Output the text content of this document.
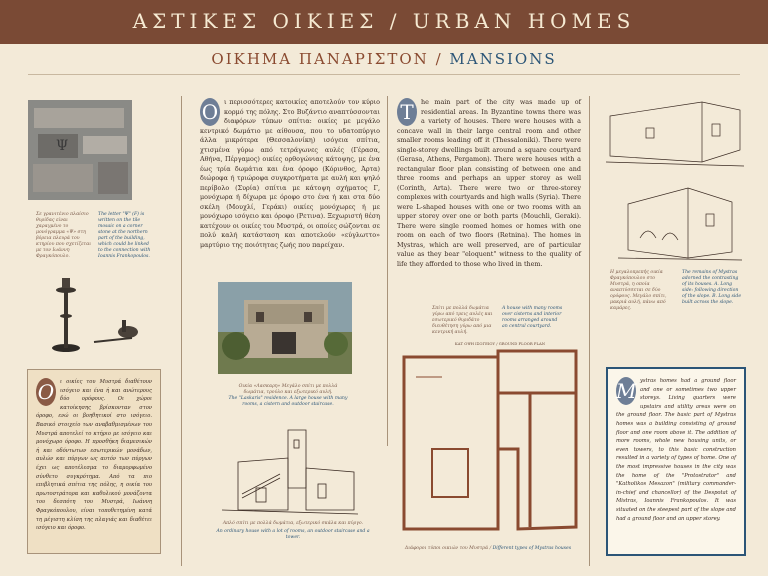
ΑΣΤΙΚΕΣ ΟΙΚΙΕΣ / URBAN HOMES
ΟΙΚΗΜΑ ΠΑΝΑΡΙΣΤΟΝ / MANSIONS
Ψ
Σε γρανιτένιο πλαίσιο θυρίδας είναι χαραγμένο το μονόγραμμα «Ψ» στη βόρεια πλευρά του κτηρίου που σχετίζεται με τον Ιωάννη Φραγκόπουλο.
The letter "Ψ" (F) is written on the tile mosaic on a corner stone at the northern part of the building, which could be linked to the connection with Ioannis Frankopoulos.
Ο	ι οικίες του Μυστρά διαθέτουν ισόγειο και ένα ή και ανώτερους δύο ορόφους. Οι χώροι κατοίκησης βρίσκονταν στον όροφο, ενώ οι βοηθητικοί στο ισόγειο. Βασικό στοιχείο των αναβαθμισμένων του Μυστρά αποτελεί το κτήριο με ισόγειο και μονόχωρο όροφο. Η προσθήκη διαμεσικών ή και οδόντωτων εσωτερικών μονάδων, αυλών και πύργων ως αυτόν των πύργων έχει ως αποτέλεσμα το διαμορφωμένο σύνθετο συγκρότημα. Από τα πιο επιβλητικά σπίτια της πόλης, η οικία του πρωτοστράτορα και καθολικού μονάζοντα του δεσπότη του Μυστρά, Ιωάννη Φραγκόπουλου, είναι τοποθετημένη κατά τη μέγιστη κλίση της πλαγιάς και διαθέτει ισόγειο και όροφο.
Ο ι περισσότερες κατοικίες αποτελούν τον κύριο κορμό της πόλης. Στο Βυζάντιο αναπτύσσονται διαφόρων τύπων σπίτια: οικίες με μεγάλο κεντρικό δωμάτιο με αίθουσα, που το υδατοπύργιο άλλα μικρότερα (Θεσσαλονίκη) ισόγεια σπίτια, χτισμένα γύρω από τετράγωνες αυλές (Γέρασα, Αθήνα, Πέργαμος) οικίες ορθογώνιας κάτοψης, με ένα έως τρία δωμάτια και ένα όροφο (Κόρινθος, Άρτα) διώροφα ή τριώροφα συγκροτήματα με αυλή και ψηλό περίβολο (Συρία) σπίτια με κάτοψη σχήματος Γ, μονόχωρα ή δίχωρα με όροφο στο ένα ή και στα δύο σκέλη (Μουχλί, Γεράκι) οικίες μονόχωρες ή με μονόχωρο ισόγειο και όροφο (Ρετινα). Ξεχωριστή θέση κατέχουν οι οικίες του Μυστρά, οι οποίες σώζονται σε πολύ καλή κατάσταση και αποτελούν «εύγλωττο» μαρτύριο της ποιότητας ζωής που παρείχαν.
Οικία «Λασκαρη» Μεγάλο σπίτι με πολλά δωμάτια, τρούλο και εξωτερικό αυλή.
The "Laskaris" residence. A large house with many rooms, a cistern and outdoor staircase.
Απλό σπίτι με πολλά δωμάτια, εξωτερικό σκάλα και πύργο.
An ordinary house with a lot of rooms, an outdoor staircase and a tower.
T	he main part of the city was made up of residential areas. In Byzantine towns there was a variety of houses. There were houses with a concave wall in their large central room and other smaller rooms leading off it (Thessaloniki). There were single-storey dwellings built around a square courtyard (Gerasa, Athens, Pergamon). There were houses with a rectangular floor plan consisting of between one and three rooms and perhaps an upper storey as well (Corinth, Arta). There were two or three-storey complexes with courtyards and high walls (Syria). There were L-shaped houses with one or two rooms with an upper storey over one or both parts (Mouchli, Geraki). There were single roomed homes or homes with one room on each of two floors (Retnina). The homes in Mystras, which are well preserved, are of particular value as they bear "eloquent" witness to the quality of life they afforded to those who lived in them.
Σπίτι με πολλά δωμάτια γύρω από τρεις αυλές και εσωτερικό θυριδάτο διευθέτηση γύρω από μια κεντρική αυλή.
A house with many rooms over cisterns and interior rooms arranged around an central courtyard.
ΚΑΤ ΟΨΗ ΙΣΟΓΕΙΟΥ / GROUND FLOOR PLAN
Διάφοροι τύποι οικιών του Μυστρά / Different types of Mystras houses
Η μεγαλοπρεπής οικία Φραγκόπουλου στο Μυστρά, η οποία αναπτύσσεται σε δύο ορόφους. Μεγάλο σπίτι, μακριά αυλή, πάνω από καμάρες.
The remains of Mystras adorned the contrasting of its houses. A. Long side: following direction of the slope. B. Long side built across the slope.
M ystras homes had a ground floor and one or sometimes two upper storeys. Living quarters were upstairs and utility areas were on the ground floor. The basic part of Mystras homes was a building consisting of ground floor and one room above it. The addition of more rooms, whole new housing units, or even towers, to this basic construction resulted in a variety of types of home. One of the most impressive houses in the city was the home of the "Protostrator" and "Katholikos Mesazon" (military commander-in-chief and chancellor) of the Despotat of Mistras, Ioannis Frankopoulos. It was situated on the steepest part of the slope and had a ground floor and an upper storey.
